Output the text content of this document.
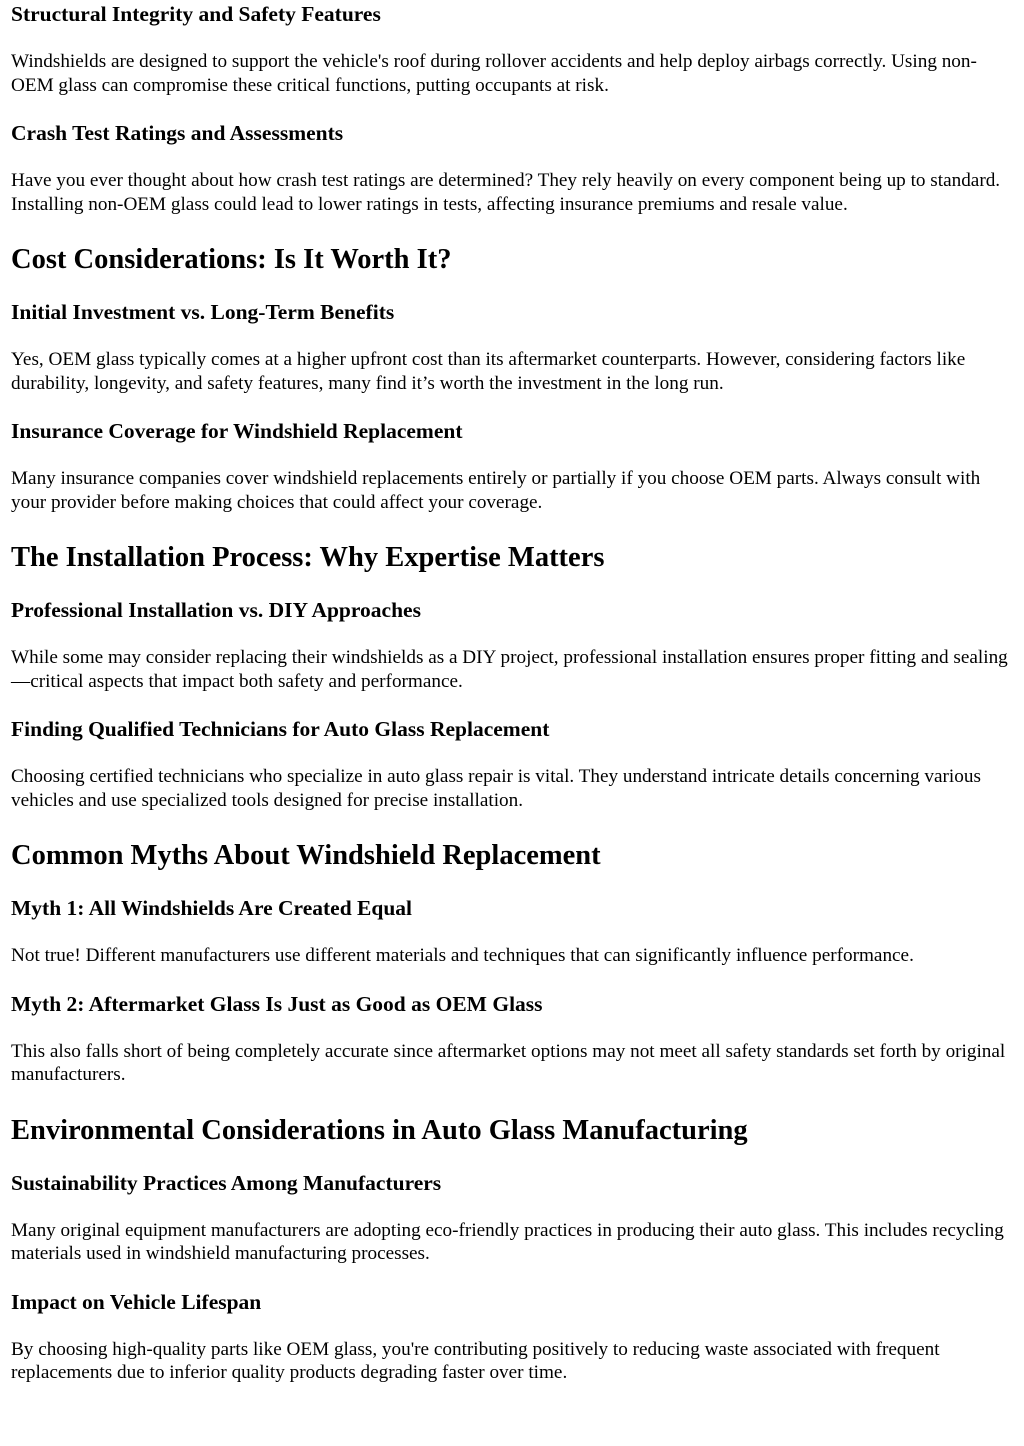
Structural Integrity and Safety Features

Windshields are designed to support the vehicle's roof during rollover accidents and help deploy airbags correctly. Using non-OEM glass can compromise these critical functions, putting occupants at risk.

Crash Test Ratings and Assessments

Have you ever thought about how crash test ratings are determined? They rely heavily on every component being up to standard. Installing non-OEM glass could lead to lower ratings in tests, affecting insurance premiums and resale value.

Cost Considerations: Is It Worth It?
Initial Investment vs. Long-Term Benefits

Yes, OEM glass typically comes at a higher upfront cost than its aftermarket counterparts. However, considering factors like durability, longevity, and safety features, many find it’s worth the investment in the long run.

Insurance Coverage for Windshield Replacement

Many insurance companies cover windshield replacements entirely or partially if you choose OEM parts. Always consult with your provider before making choices that could affect your coverage.

The Installation Process: Why Expertise Matters
Professional Installation vs. DIY Approaches

While some may consider replacing their windshields as a DIY project, professional installation ensures proper fitting and sealing—critical aspects that impact both safety and performance.

Finding Qualified Technicians for Auto Glass Replacement

Choosing certified technicians who specialize in auto glass repair is vital. They understand intricate details concerning various vehicles and use specialized tools designed for precise installation.

Common Myths About Windshield Replacement
Myth 1: All Windshields Are Created Equal

Not true! Different manufacturers use different materials and techniques that can significantly influence performance.

Myth 2: Aftermarket Glass Is Just as Good as OEM Glass

This also falls short of being completely accurate since aftermarket options may not meet all safety standards set forth by original manufacturers.

Environmental Considerations in Auto Glass Manufacturing
Sustainability Practices Among Manufacturers

Many original equipment manufacturers are adopting eco-friendly practices in producing their auto glass. This includes recycling materials used in windshield manufacturing processes.

Impact on Vehicle Lifespan

By choosing high-quality parts like OEM glass, you're contributing positively to reducing waste associated with frequent replacements due to inferior quality products degrading faster over time.
